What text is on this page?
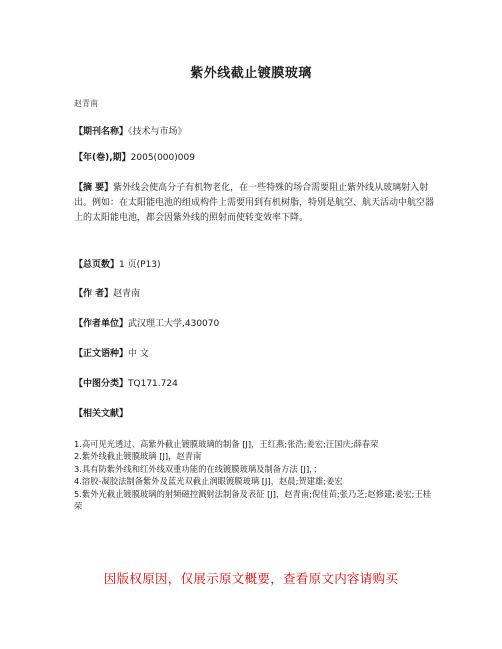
紫外线截止镀膜玻璃
赵青南
【期刊名称】《技术与市场》
【年(卷),期】2005(000)009
【摘 要】紫外线会使高分子有机物老化，在一些特殊的场合需要阻止紫外线从玻璃射入射出。例如：在太阳能电池的组成构件上需要用到有机树脂，特别是航空、航天活动中航空器上的太阳能电池，都会因紫外线的照射而使转变效率下降。
【总页数】1 页(P13)
【作 者】赵青南
【作者单位】武汉理工大学,430070
【正文语种】中 文
【中图分类】TQ171.724
【相关文献】

1.高可见光透过、高紫外截止镀膜玻璃的制备 [J]，王红燕;张浩;姜宏;汪国庆;薛春荣

2.紫外线截止镀膜玻璃 [J]，赵青南

3.具有防紫外线和红外线双重功能的在线镀膜玻璃及制备方法 [J]，；

4.溶胶-凝胶法制备紫外及蓝光双截止润眼镀膜玻璃 [J]，赵晨;贺建雄;姜宏

5.紫外光截止镀膜玻璃的射频磁控溅射法制备及表征 [J]，赵青南;倪佳苗;张乃芝;赵修建;姜宏;王桂荣

因版权原因，仅展示原文概要，查看原文内容请购买
